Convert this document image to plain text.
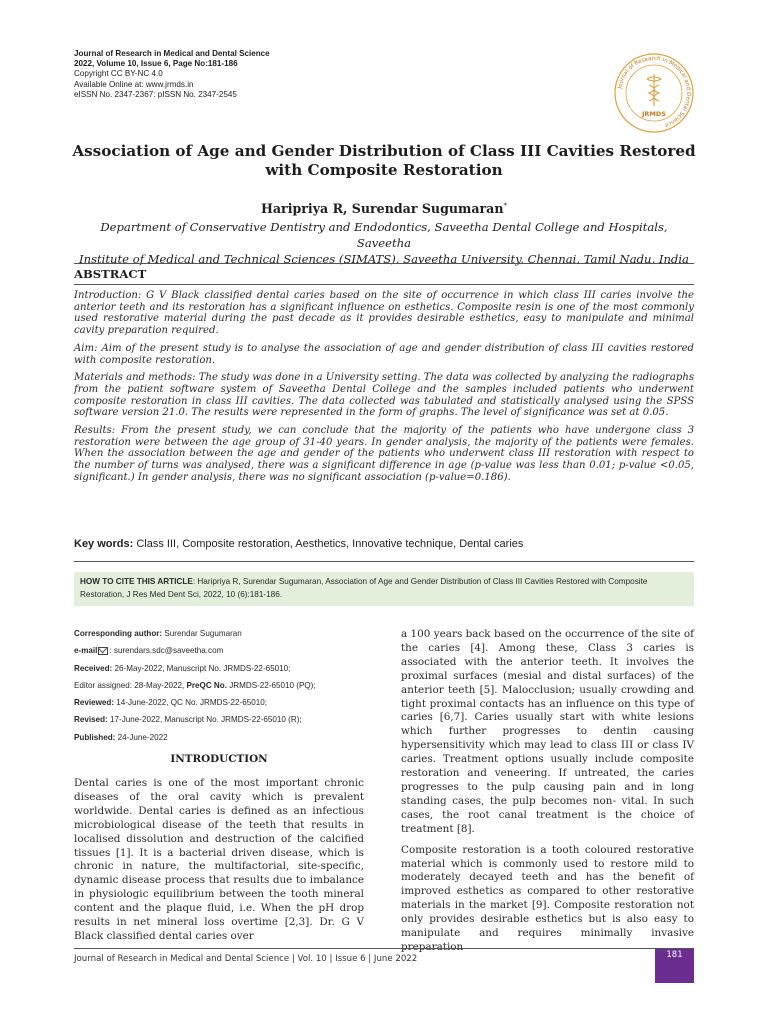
Journal of Research in Medical and Dental Science
2022, Volume 10, Issue 6, Page No:181-186
Copyright CC BY-NC 4.0
Available Online at: www.jrmds.in
eISSN No. 2347-2367: pISSN No. 2347-2545
Journal of Research in Medical and Dental Science
JRMDS
Association of Age and Gender Distribution of Class III Cavities Restored
with Composite Restoration
Haripriya R, Surendar Sugumaran*
Department of Conservative Dentistry and Endodontics, Saveetha Dental College and Hospitals, Saveetha
Institute of Medical and Technical Sciences (SIMATS), Saveetha University, Chennai, Tamil Nadu, India
ABSTRACT

Introduction: G V Black classified dental caries based on the site of occurrence in which class III caries involve the anterior teeth and its restoration has a significant influence on esthetics. Composite resin is one of the most commonly used restorative material during the past decade as it provides desirable esthetics, easy to manipulate and minimal cavity preparation required.

Aim: Aim of the present study is to analyse the association of age and gender distribution of class III cavities restored with composite restoration.

Materials and methods: The study was done in a University setting. The data was collected by analyzing the radiographs from the patient software system of Saveetha Dental College and the samples included patients who underwent composite restoration in class III cavities. The data collected was tabulated and statistically analysed using the SPSS software version 21.0. The results were represented in the form of graphs. The level of significance was set at 0.05.

Results: From the present study, we can conclude that the majority of the patients who have undergone class 3 restoration were between the age group of 31-40 years. In gender analysis, the majority of the patients were females. When the association between the age and gender of the patients who underwent class III restoration with respect to the number of turns was analysed, there was a significant difference in age (p-value was less than 0.01; p-value <0.05, significant.) In gender analysis, there was no significant association (p-value=0.186).

Key words: Class III, Composite restoration, Aesthetics, Innovative technique, Dental caries
HOW TO CITE THIS ARTICLE: Haripriya R, Surendar Sugumaran, Association of Age and Gender Distribution of Class III Cavities Restored with Composite Restoration, J Res Med Dent Sci, 2022, 10 (6):181-186.
Corresponding author: Surendar Sugumaran
e-mail : surendars.sdc@saveetha.com
Received: 26-May-2022, Manuscript No. JRMDS-22-65010;
Editor assigned: 28-May-2022, PreQC No. JRMDS-22-65010 (PQ);
Reviewed: 14-June-2022, QC No. JRMDS-22-65010;
Revised: 17-June-2022, Manuscript No. JRMDS-22-65010 (R);
Published: 24-June-2022
INTRODUCTION

Dental caries is one of the most important chronic diseases of the oral cavity which is prevalent worldwide. Dental caries is defined as an infectious microbiological disease of the teeth that results in localised dissolution and destruction of the calcified tissues [1]. It is a bacterial driven disease, which is chronic in nature, the multifactorial, site-specific, dynamic disease process that results due to imbalance in physiologic equilibrium between the tooth mineral content and the plaque fluid, i.e. When the pH drop results in net mineral loss overtime [2,3]. Dr. G V Black classified dental caries over

a 100 years back based on the occurrence of the site of the caries [4]. Among these, Class 3 caries is associated with the anterior teeth. It involves the proximal surfaces (mesial and distal surfaces) of the anterior teeth [5]. Malocclusion; usually crowding and tight proximal contacts has an influence on this type of caries [6,7]. Caries usually start with white lesions which further progresses to dentin causing hypersensitivity which may lead to class III or class IV caries. Treatment options usually include composite restoration and veneering. If untreated, the caries progresses to the pulp causing pain and in long standing cases, the pulp becomes non- vital. In such cases, the root canal treatment is the choice of treatment [8].

Composite restoration is a tooth coloured restorative material which is commonly used to restore mild to moderately decayed teeth and has the benefit of improved esthetics as compared to other restorative materials in the market [9]. Composite restoration not only provides desirable esthetics but is also easy to manipulate and requires minimally invasive preparation

Journal of Research in Medical and Dental Science | Vol. 10 | Issue 6 | June 2022	181
